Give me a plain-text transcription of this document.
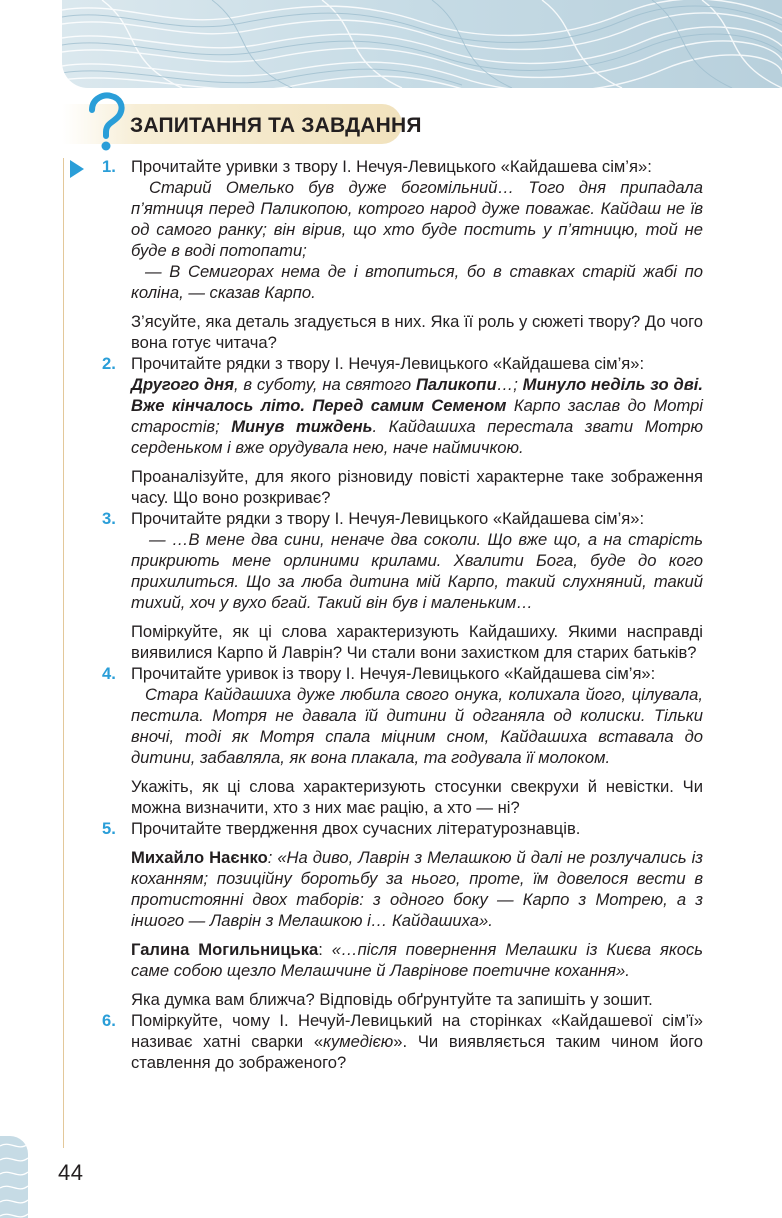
ЗАПИТАННЯ ТА ЗАВДАННЯ
1. Прочитайте уривки з твору І. Нечуя-Левицького «Кайдашева сім’я»:

Старий Омелько був дуже богомільний… Того дня припадала п’ятниця перед Паликопою, котрого народ дуже поважає. Кайдаш не їв од самого ранку; він вірив, що хто буде постить у п’ятницю, той не буде в воді потопати;

— В Семигорах нема де і втопиться, бо в ставках старій жабі по коліна, — сказав Карпо.

З’ясуйте, яка деталь згадується в них. Яка її роль у сюжеті твору? До чого вона готує читача?

2. Прочитайте рядки з твору І. Нечуя-Левицького «Кайдашева сім’я»:

Другого дня, в суботу, на святого Паликопи…; Минуло неділь зо дві. Вже кінчалось літо. Перед самим Семеном Карпо заслав до Мотрі старостів; Минув тиждень. Кайдашиха перестала звати Мотрю серденьком і вже орудувала нею, наче наймичкою.

Проаналізуйте, для якого різновиду повісті характерне таке зображення часу. Що воно розкриває?

3. Прочитайте рядки з твору І. Нечуя-Левицького «Кайдашева сім’я»:

— …В мене два сини, неначе два соколи. Що вже що, а на старість прикриють мене орлиними крилами. Хвалити Бога, буде до кого прихилиться. Що за люба дитина мій Карпо, такий слухняний, такий тихий, хоч у вухо бгай. Такий він був і маленьким…

Поміркуйте, як ці слова характеризують Кайдашиху. Якими насправді виявилися Карпо й Лаврін? Чи стали вони захистком для старих батьків?

4. Прочитайте уривок із твору І. Нечуя-Левицького «Кайдашева сім’я»:

Стара Кайдашиха дуже любила свого онука, колихала його, цілувала, пестила. Мотря не давала їй дитини й одганяла од колиски. Тільки вночі, тоді як Мотря спала міцним сном, Кайдашиха вставала до дитини, забавляла, як вона плакала, та годувала її молоком.

Укажіть, як ці слова характеризують стосунки свекрухи й невістки. Чи можна визначити, хто з них має рацію, а хто — ні?

5. Прочитайте твердження двох сучасних літературознавців.

Михайло Наєнко: «На диво, Лаврін з Мелашкою й далі не розлучались із коханням; позиційну боротьбу за нього, проте, їм довелося вести в протистоянні двох таборів: з одного боку — Карпо з Мотрею, а з іншого — Лаврін з Мелашкою і… Кайдашиха».

Галина Могильницька: «…після повернення Мелашки із Києва якось саме собою щезло Мелашчине й Лаврінове поетичне кохання».

Яка думка вам ближча? Відповідь обґрунтуйте та запишіть у зошит.

6. Поміркуйте, чому І. Нечуй-Левицький на сторінках «Кайдашевої сім’ї» називає хатні сварки «кумедією». Чи виявляється таким чином його ставлення до зображеного?

44
